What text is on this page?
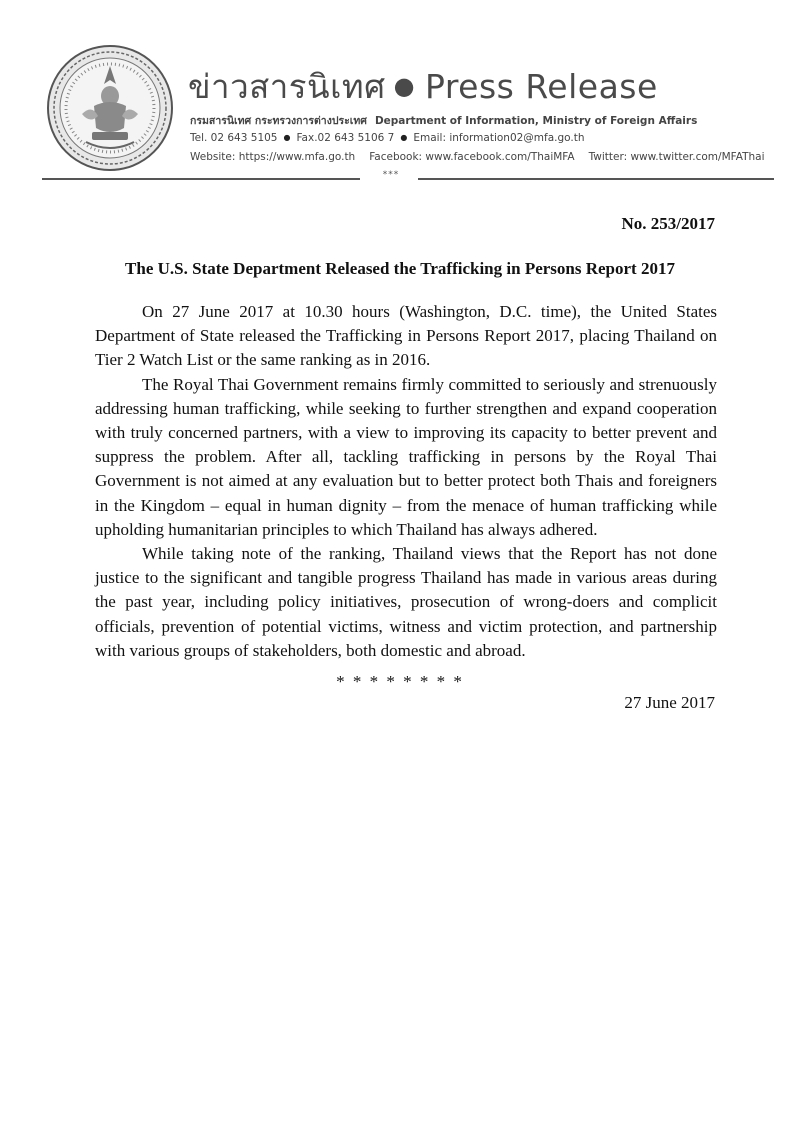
ข่าวสารนิเทศ ● Press Release
กรมสารนิเทศ กระทรวงการต่างประเทศ Department of Information, Ministry of Foreign Affairs
Tel. 02 643 5105 ● Fax.02 643 5106 7 ● Email: information02@mfa.go.th
Website: https://www.mfa.go.th Facebook: www.facebook.com/ThaiMFA Twitter: www.twitter.com/MFAThai
***
No. 253/2017
The U.S. State Department Released the Trafficking in Persons Report 2017

On 27 June 2017 at 10.30 hours (Washington, D.C. time), the United States Department of State released the Trafficking in Persons Report 2017, placing Thailand on Tier 2 Watch List or the same ranking as in 2016.

The Royal Thai Government remains firmly committed to seriously and strenuously addressing human trafficking, while seeking to further strengthen and expand cooperation with truly concerned partners, with a view to improving its capacity to better prevent and suppress the problem. After all, tackling trafficking in persons by the Royal Thai Government is not aimed at any evaluation but to better protect both Thais and foreigners in the Kingdom – equal in human dignity – from the menace of human trafficking while upholding humanitarian principles to which Thailand has always adhered.

While taking note of the ranking, Thailand views that the Report has not done justice to the significant and tangible progress Thailand has made in various areas during the past year, including policy initiatives, prosecution of wrong-doers and complicit officials, prevention of potential victims, witness and victim protection, and partnership with various groups of stakeholders, both domestic and abroad.

* * * * * * * *
27 June 2017
